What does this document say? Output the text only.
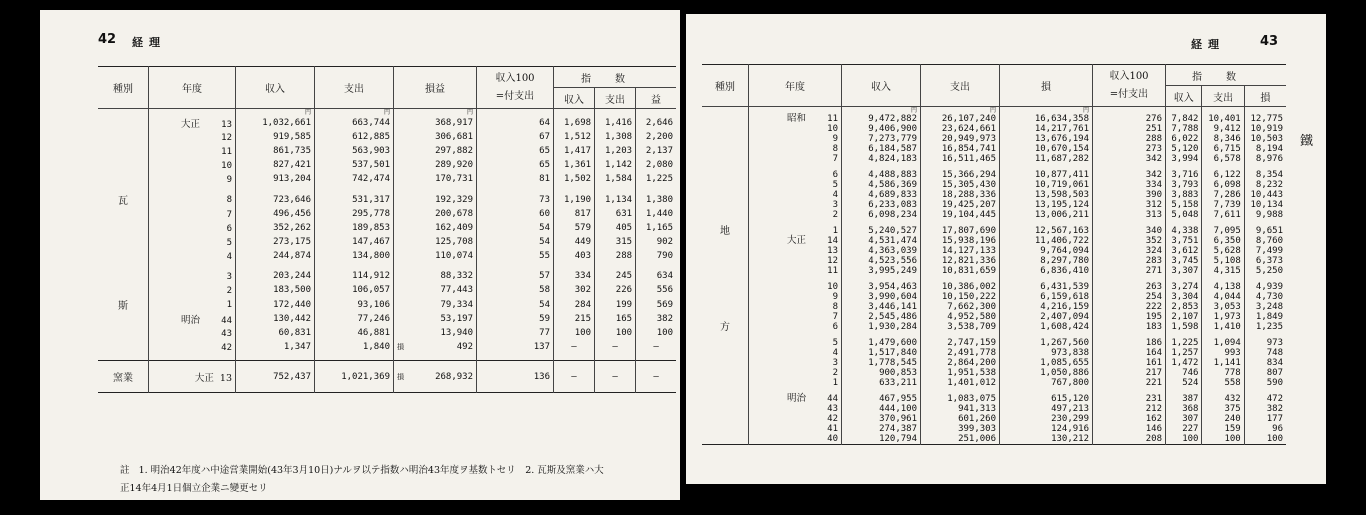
42 経理
種別	年度	収入	支出	損益	収入100
=付支出	指数		
						収入	支出	益
		円	円	円				
	大正 13	1,032,661	663,744	368,917	64	1,698	1,416	2,646
	12	919,585	612,885	306,681	67	1,512	1,308	2,200
	11	861,735	563,903	297,882	65	1,417	1,203	2,137
	10	827,421	537,501	289,920	65	1,361	1,142	2,080
	9	913,204	742,474	170,731	81	1,502	1,584	1,225

瓦	8	723,646	531,317	192,329	73	1,190	1,134	1,380
	7	496,456	295,778	200,678	60	817	631	1,440
	6	352,262	189,853	162,409	54	579	405	1,165
	5	273,175	147,467	125,708	54	449	315	902
	4	244,874	134,800	110,074	55	403	288	790

	3	203,244	114,912	88,332	57	334	245	634
	2	183,500	106,057	77,443	58	302	226	556
斯	1	172,440	93,106	79,334	54	284	199	569
	明治 44	130,442	77,246	53,197	59	215	165	382
	43	60,831	46,881	13,940	77	100	100	100
	42	1,347	1,840	損 492	137	—	—	—

窯業	大正 13	752,437	1,021,369	損 268,932	136	—	—	—

註 1. 明治42年度ハ中途営業開始(43年3月10日)ナルヲ以テ指数ハ明治43年度ヲ基数トセリ　2. 瓦斯及窯業ハ大
正14年4月1日個立企業ニ變更セリ
経理	43
種別	年度	収入	支出	損	収入100
=付支出	指数		
						収入	支出	損
		円	円	円				
	昭和 11	9,472,882	26,107,240	16,634,358	276	7,842	10,401	12,775
	10	9,406,900	23,624,661	14,217,761	251	7,788	9,412	10,919
	9	7,273,779	20,949,973	13,676,194	288	6,022	8,346	10,503
	8	6,184,587	16,854,741	10,670,154	273	5,120	6,715	8,194
	7	4,824,183	16,511,465	11,687,282	342	3,994	6,578	8,976

	6	4,488,883	15,366,294	10,877,411	342	3,716	6,122	8,354
	5	4,586,369	15,305,430	10,719,061	334	3,793	6,098	8,232
	4	4,689,833	18,288,336	13,598,503	390	3,883	7,286	10,443
	3	6,233,083	19,425,207	13,195,124	312	5,158	7,739	10,134
	2	6,098,234	19,104,445	13,006,211	313	5,048	7,611	9,988

地	1	5,240,527	17,807,690	12,567,163	340	4,338	7,095	9,651
	大正 14	4,531,474	15,938,196	11,406,722	352	3,751	6,350	8,760
	13	4,363,039	14,127,133	9,764,094	324	3,612	5,628	7,499
	12	4,523,556	12,821,336	8,297,780	283	3,745	5,108	6,373
	11	3,995,249	10,831,659	6,836,410	271	3,307	4,315	5,250

	10	3,954,463	10,386,002	6,431,539	263	3,274	4,138	4,939
	9	3,990,604	10,150,222	6,159,618	254	3,304	4,044	4,730
	8	3,446,141	7,662,300	4,216,159	222	2,853	3,053	3,248
	7	2,545,486	4,952,580	2,407,094	195	2,107	1,973	1,849
方	6	1,930,284	3,538,709	1,608,424	183	1,598	1,410	1,235

	5	1,479,600	2,747,159	1,267,560	186	1,225	1,094	973
	4	1,517,840	2,491,778	973,838	164	1,257	993	748
	3	1,778,545	2,864,200	1,085,655	161	1,472	1,141	834
	2	900,853	1,951,538	1,050,886	217	746	778	807
	1	633,211	1,401,012	767,800	221	524	558	590

	明治 44	467,955	1,083,075	615,120	231	387	432	472
	43	444,100	941,313	497,213	212	368	375	382
	42	370,961	601,260	230,299	162	307	240	177
	41	274,387	399,303	124,916	146	227	159	96
	40	120,794	251,006	130,212	208	100	100	100

鐵
